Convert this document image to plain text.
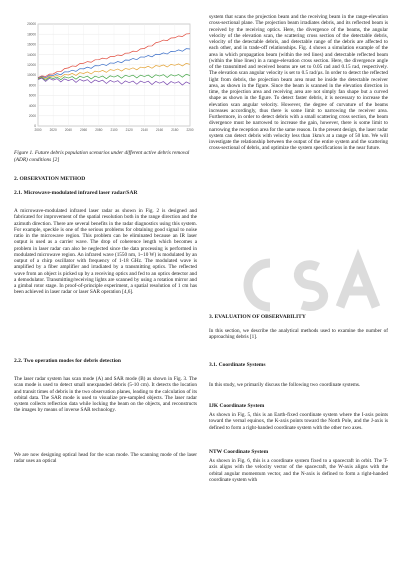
0
2000
4000
6000
8000
10000
12000
14000
16000
18000
20000
2000	2020	2040	2060	2080	2100	2120	2140	2160	2180	2200
Figure 1. Future debris population scenarios under different active debris removal (ADR) conditions [2]
2. OBSERVATION METHOD
2.1. Microwave-modulated infrared laser radar/SAR

A microwave-modulated infrared laser radar as shown in Fig. 2 is designed and fabricated for improvement of the spatial resolution both in the range direction and the azimuth direction. There are several benefits in the radar diagnostics using this system. For example, speckle is one of the serious problems for obtaining good signal to noise ratio in the microwave region. This problem can be eliminated because an IR laser output is used as a carrier wave. The drop of coherence length which becomes a problem in laser radar can also be neglected since the data processing is performed in modulated microwave region. An infrared wave (1550 nm, 1~10 W) is modulated by an output of a chirp oscillator with frequency of 1-18 GHz. The modulated wave is amplified by a fiber amplifier and irradiated by a transmitting optics. The reflected wave from an object is picked up by a receiving optics and fed to an optics detector and a demodulator. Transmitting/receiving lights are scanned by using a rotation mirror and a gimbal rotor stage. In proof-of-principle experiment, a spatial resolution of 1 cm has been achieved in laser radar or laser SAR operation [4,6].

2.2. Two operation modes for debris detection

The laser radar system has scan mode (A) and SAR mode (B) as shown in Fig. 3. The scan mode is used to detect small unexpanded debris (5-10 cm). It detects the location and transit times of debris in the two observation planes, leading to the calculation of its orbital data. The SAR mode is used to visualize pre-sampled objects. The laser radar system collects reflection data while locking the beam on the objects, and reconstructs the images by means of inverse SAR technology.

We are now designing optical head for the scan mode. The scanning mode of the laser radar uses an optical

system that scans the projection beam and the receiving beam in the range-elevation cross-sectional plane. The projection beam irradiates debris, and its reflected beam is received by the receiving optics. Here, the divergence of the beams, the angular velocity of the elevation scan, the scattering cross section of the detectable debris, velocity of the detectable debris, and detectable range of the debris are affected to each other, and in trade-off relationships. Fig. 4 shows a simulation example of the area in which propagation beam (within the red lines) and detectable reflected beam (within the blue lines) in a range-elevation cross section. Here, the divergence angle of the transmitted and received beams are set to 0.05 rad and 0.15 rad, respectively. The elevation scan angular velocity is set to 0.5 rad/µs. In order to detect the reflected light from debris, the projection beam area must be inside the detectable receiver area, as shown in the figure. Since the beam is scanned in the elevation direction in time, the projection area and receiving area are not simply fan shape but a curved shape as shown in the figure. To detect faster debris, it is necessary to increase the elevation scan angular velocity. However, the degree of curvature of the beams increases accordingly, thus there is some limit to narrowing the receiver area. Furthermore, in order to detect debris with a small scattering cross section, the beam divergence must be narrowed to increase the gain, however, there is some limit to narrowing the reception area for the same reason. In the present design, the laser radar system can detect debris with velocity less than 1km/s at a range of 50 km. We will investigate the relationship between the output of the entire system and the scattering cross-sectional of debris, and optimize the system specifications in the near future.

3. EVALUATION OF OBSERVABILITY

In this section, we describe the analytical methods used to examine the number of approaching debris [1].

3.1. Coordinate Systems

In this study, we primarily discuss the following two coordinate systems.

IJK Coordinate System

As shown in Fig. 5, this is an Earth-fixed coordinate system where the I-axis points toward the vernal equinox, the K-axis points toward the North Pole, and the J-axis is defined to form a right-handed coordinate system with the other two axes.

NTW Coordinate System

As shown in Fig. 6, this is a coordinate system fixed to a spacecraft in orbit. The T-axis aligns with the velocity vector of the spacecraft, the W-axis aligns with the orbital angular momentum vector, and the N-axis is defined to form a right-handed coordinate system with
